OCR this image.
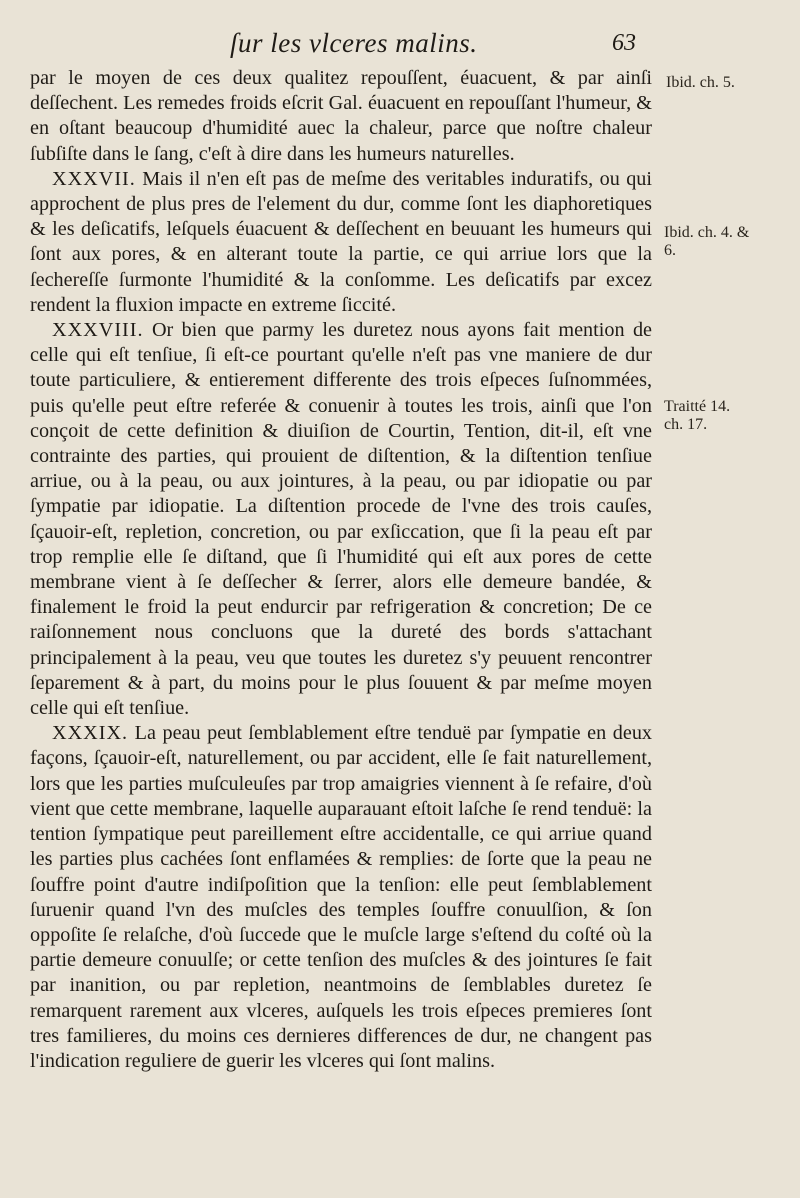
ſur les vlceres malins.	63

par le moyen de ces deux qualitez repouſſent, éuacuent, & par ainſi deſſechent. Les remedes froids eſcrit Gal. éuacuent en repouſſant l'humeur, & en oſtant beaucoup d'humidité auec la chaleur, parce que noſtre chaleur ſubſiſte dans le ſang, c'eſt à dire dans les humeurs naturelles.

XXXVII. Mais il n'en eſt pas de meſme des veritables induratifs, ou qui approchent de plus pres de l'element du dur, comme ſont les diaphoretiques & les deſicatifs, leſquels éuacuent & deſſechent en beuuant les humeurs qui ſont aux pores, & en alterant toute la partie, ce qui arriue lors que la ſechereſſe ſurmonte l'humidité & la conſomme. Les deſicatifs par excez rendent la fluxion impacte en extreme ſiccité.

XXXVIII. Or bien que parmy les duretez nous ayons fait mention de celle qui eſt tenſiue, ſi eſt-ce pourtant qu'elle n'eſt pas vne maniere de dur toute particuliere, & entierement differente des trois eſpeces ſuſnommées, puis qu'elle peut eſtre referée & conuenir à toutes les trois, ainſi que l'on conçoit de cette definition & diuiſion de Courtin, Tention, dit-il, eſt vne contrainte des parties, qui prouient de diſtention, & la diſtention tenſiue arriue, ou à la peau, ou aux jointures, à la peau, ou par idiopatie ou par ſympatie par idiopatie. La diſtention procede de l'vne des trois cauſes, ſçauoir-eſt, repletion, concretion, ou par exſiccation, que ſi la peau eſt par trop remplie elle ſe diſtand, que ſi l'humidité qui eſt aux pores de cette membrane vient à ſe deſſecher & ſerrer, alors elle demeure bandée, & finalement le froid la peut endurcir par refrigeration & concretion; De ce raiſonnement nous concluons que la dureté des bords s'attachant principalement à la peau, veu que toutes les duretez s'y peuuent rencontrer ſeparement & à part, du moins pour le plus ſouuent & par meſme moyen celle qui eſt tenſiue.

XXXIX. La peau peut ſemblablement eſtre tenduë par ſympatie en deux façons, ſçauoir-eſt, naturellement, ou par accident, elle ſe fait naturellement, lors que les parties muſculeuſes par trop amaigries viennent à ſe refaire, d'où vient que cette membrane, laquelle auparauant eſtoit laſche ſe rend tenduë: la tention ſympatique peut pareillement eſtre accidentalle, ce qui arriue quand les parties plus cachées ſont enflamées & remplies: de ſorte que la peau ne ſouffre point d'autre indiſpoſition que la tenſion: elle peut ſemblablement ſuruenir quand l'vn des muſcles des temples ſouffre conuulſion, & ſon oppoſite ſe relaſche, d'où ſuccede que le muſcle large s'eſtend du coſté où la partie demeure conuulſe; or cette tenſion des muſcles & des jointures ſe fait par inanition, ou par repletion, neantmoins de ſemblables duretez ſe remarquent rarement aux vlceres, auſquels les trois eſpeces premieres ſont tres familieres, du moins ces dernieres differences de dur, ne changent pas l'indication reguliere de guerir les vlceres qui ſont malins.

Ibid. ch. 5.
Ibid. ch. 4. & 6.
Traitté 14. ch. 17.
